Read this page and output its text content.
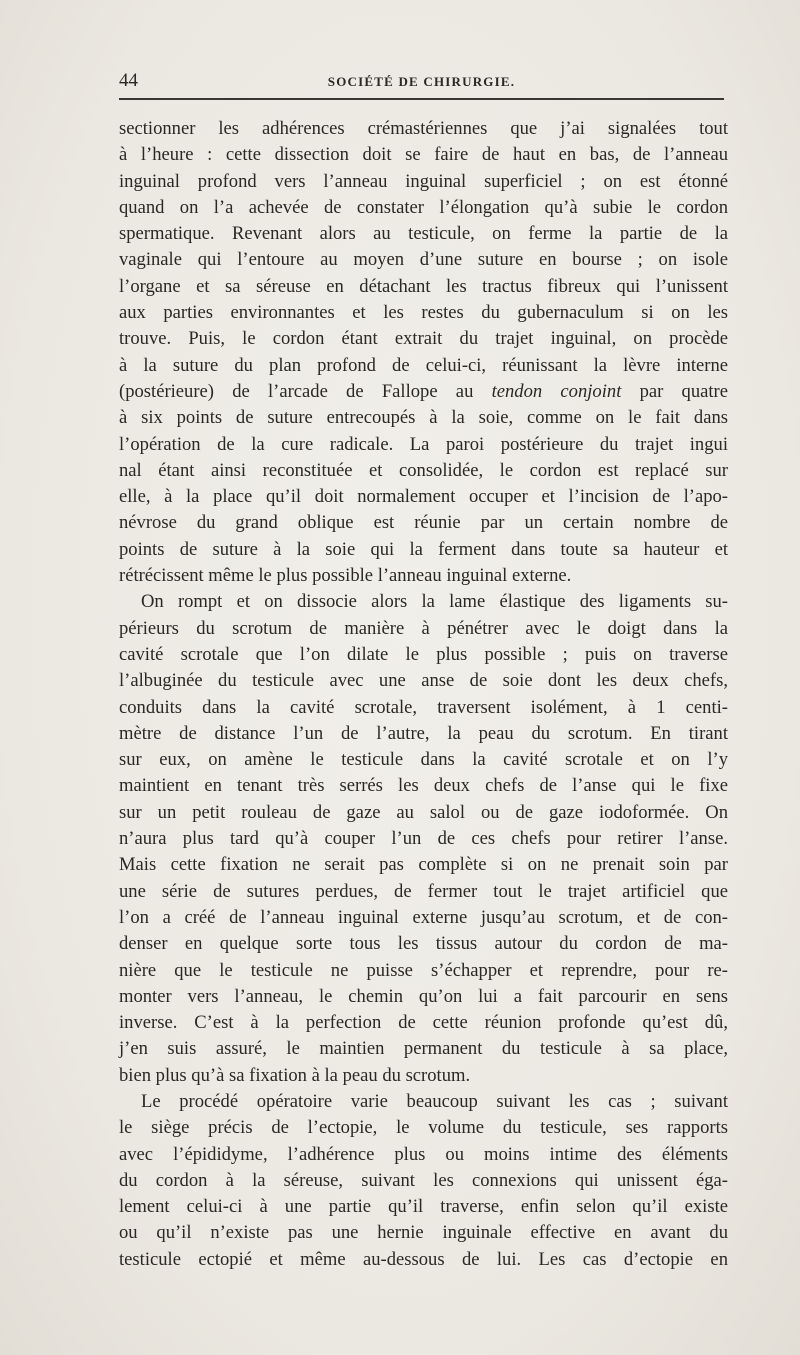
44	SOCIÉTÉ DE CHIRURGIE.
sectionner les adhérences crémastériennes que j’ai signalées tout
à l’heure : cette dissection doit se faire de haut en bas, de l’anneau
inguinal profond vers l’anneau inguinal superficiel ; on est étonné
quand on l’a achevée de constater l’élongation qu’à subie le cordon
spermatique. Revenant alors au testicule, on ferme la partie de la
vaginale qui l’entoure au moyen d’une suture en bourse ; on isole
l’organe et sa séreuse en détachant les tractus fibreux qui l’unissent
aux parties environnantes et les restes du gubernaculum si on les
trouve. Puis, le cordon étant extrait du trajet inguinal, on procède
à la suture du plan profond de celui-ci, réunissant la lèvre interne
(postérieure) de l’arcade de Fallope au tendon conjoint par quatre
à six points de suture entrecoupés à la soie, comme on le fait dans
l’opération de la cure radicale. La paroi postérieure du trajet ingui
nal étant ainsi reconstituée et consolidée, le cordon est replacé sur
elle, à la place qu’il doit normalement occuper et l’incision de l’apo-
névrose du grand oblique est réunie par un certain nombre de
points de suture à la soie qui la ferment dans toute sa hauteur et
rétrécissent même le plus possible l’anneau inguinal externe.
On rompt et on dissocie alors la lame élastique des ligaments su-
périeurs du scrotum de manière à pénétrer avec le doigt dans la
cavité scrotale que l’on dilate le plus possible ; puis on traverse
l’albuginée du testicule avec une anse de soie dont les deux chefs,
conduits dans la cavité scrotale, traversent isolément, à 1 centi-
mètre de distance l’un de l’autre, la peau du scrotum. En tirant
sur eux, on amène le testicule dans la cavité scrotale et on l’y
maintient en tenant très serrés les deux chefs de l’anse qui le fixe
sur un petit rouleau de gaze au salol ou de gaze iodoformée. On
n’aura plus tard qu’à couper l’un de ces chefs pour retirer l’anse.
Mais cette fixation ne serait pas complète si on ne prenait soin par
une série de sutures perdues, de fermer tout le trajet artificiel que
l’on a créé de l’anneau inguinal externe jusqu’au scrotum, et de con-
denser en quelque sorte tous les tissus autour du cordon de ma-
nière que le testicule ne puisse s’échapper et reprendre, pour re-
monter vers l’anneau, le chemin qu’on lui a fait parcourir en sens
inverse. C’est à la perfection de cette réunion profonde qu’est dû,
j’en suis assuré, le maintien permanent du testicule à sa place,
bien plus qu’à sa fixation à la peau du scrotum.
Le procédé opératoire varie beaucoup suivant les cas ; suivant
le siège précis de l’ectopie, le volume du testicule, ses rapports
avec l’épididyme, l’adhérence plus ou moins intime des éléments
du cordon à la séreuse, suivant les connexions qui unissent éga-
lement celui-ci à une partie qu’il traverse, enfin selon qu’il existe
ou qu’il n’existe pas une hernie inguinale effective en avant du
testicule ectopié et même au-dessous de lui. Les cas d’ectopie en
